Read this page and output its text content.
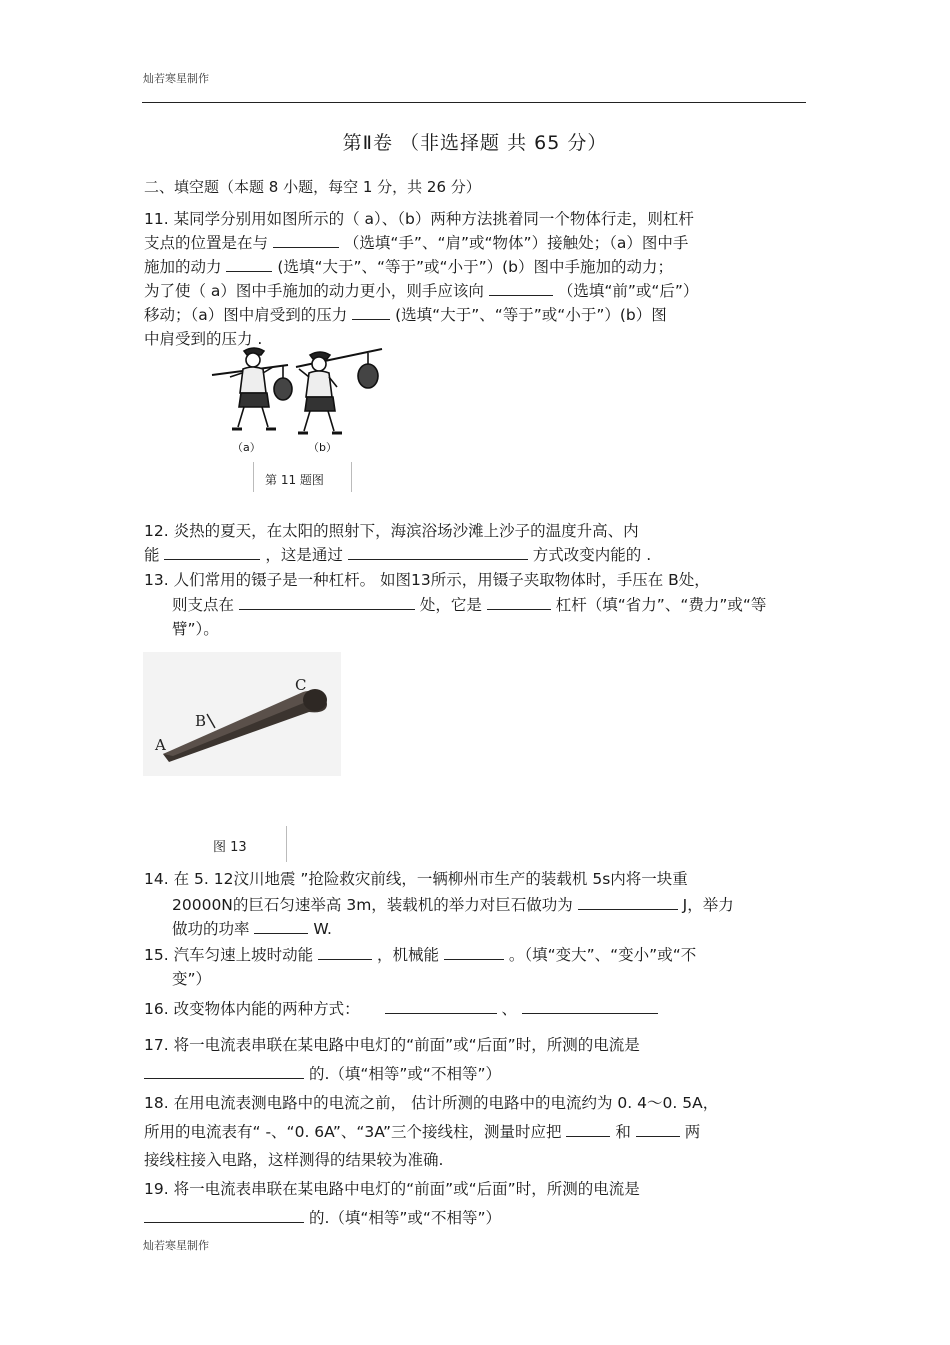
灿若寒星制作
第Ⅱ卷 （非选择题 共 65 分）
二、填空题（本题 8 小题，每空 1 分，共 26 分）
11. 某同学分别用如图所示的（ a）、（b）两种方法挑着同一个物体行走，则杠杆
支点的位置是在与	（选填“手”、“肩”或“物体”）接触处；（a）图中手
施加的动力	(选填“大于”、“等于”或“小于”）(b）图中手施加的动力；
为了使（ a）图中手施加的动力更小，则手应该向	（选填“前”或“后”）
移动；（a）图中肩受到的压力	(选填“大于”、“等于”或“小于”）(b）图
中肩受到的压力 .
（a）	（b）
第 11 题图
12. 炎热的夏天，在太阳的照射下，海滨浴场沙滩上沙子的温度升高、内
能	，这是通过	方式改变内能的 .
13. 人们常用的镊子是一种杠杆。 如图13所示，用镊子夹取物体时，手压在 B处，
则支点在	处，它是	杠杆（填“省力”、“费力”或“等
臂”）。
A
B
C
图 13
14. 在 5. 12汶川地震 ”抢险救灾前线，一辆柳州市生产的装载机 5s内将一块重
20000N的巨石匀速举高 3m，装载机的举力对巨石做功为	J，举力
做功的功率	W.
15. 汽车匀速上坡时动能	，机械能	。（填“变大”、“变小”或“不
变”）
16. 改变物体内能的两种方式：	、
17. 将一电流表串联在某电路中电灯的“前面”或“后面”时，所测的电流是
的.（填“相等”或“不相等”）
18. 在用电流表测电路中的电流之前， 估计所测的电路中的电流约为 0. 4～0. 5A，
所用的电流表有“ -、“0. 6A”、“3A”三个接线柱，测量时应把	和	两
接线柱接入电路，这样测得的结果较为准确.
19. 将一电流表串联在某电路中电灯的“前面”或“后面”时，所测的电流是
的.（填“相等”或“不相等”）
灿若寒星制作
